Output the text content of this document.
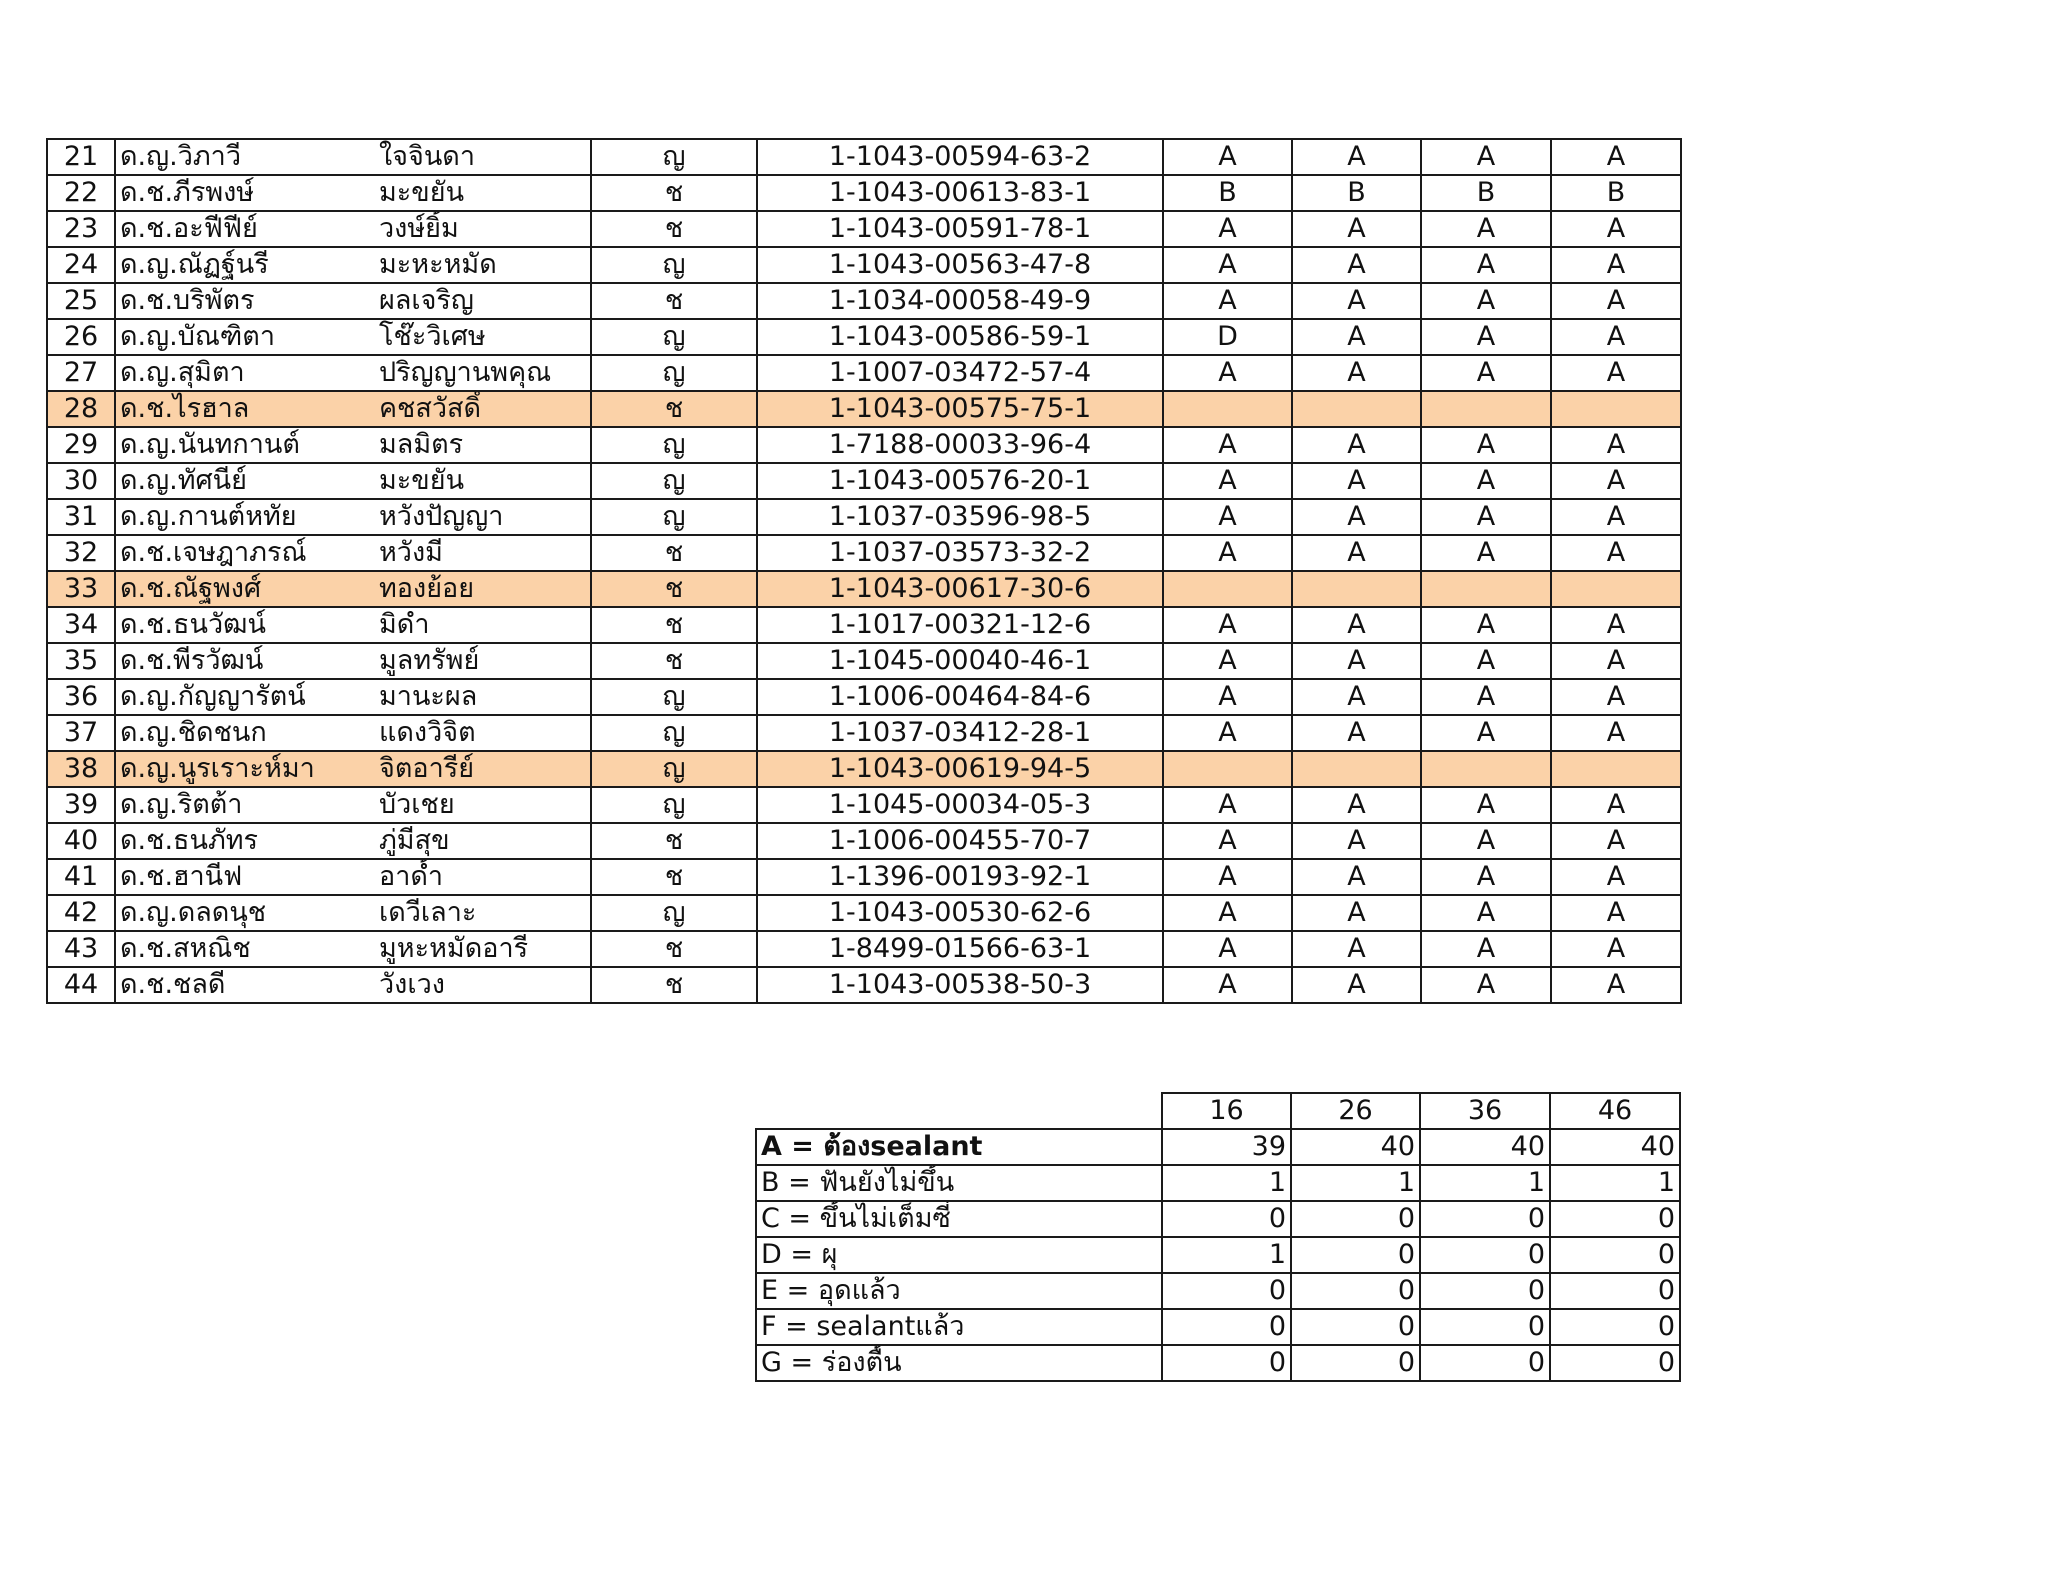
21	ด.ญ.วิภาวี	ใจจินดา	ญ	1-1043-00594-63-2	A	A	A	A
22	ด.ช.ภีรพงษ์	มะขยัน	ช	1-1043-00613-83-1	B	B	B	B
23	ด.ช.อะฟีฟีย์	วงษ์ยิ้ม	ช	1-1043-00591-78-1	A	A	A	A
24	ด.ญ.ณัฏฐ์นรี	มะหะหมัด	ญ	1-1043-00563-47-8	A	A	A	A
25	ด.ช.บริพัตร	ผลเจริญ	ช	1-1034-00058-49-9	A	A	A	A
26	ด.ญ.บัณฑิตา	โช๊ะวิเศษ	ญ	1-1043-00586-59-1	D	A	A	A
27	ด.ญ.สุมิตา	ปริญญานพคุณ	ญ	1-1007-03472-57-4	A	A	A	A
28	ด.ช.ไรฮาล	คชสวัสดิ์	ช	1-1043-00575-75-1				
29	ด.ญ.นันทกานต์	มลมิตร	ญ	1-7188-00033-96-4	A	A	A	A
30	ด.ญ.ทัศนีย์	มะขยัน	ญ	1-1043-00576-20-1	A	A	A	A
31	ด.ญ.กานต์หทัย	หวังปัญญา	ญ	1-1037-03596-98-5	A	A	A	A
32	ด.ช.เจษฎาภรณ์	หวังมี	ช	1-1037-03573-32-2	A	A	A	A
33	ด.ช.ณัฐพงศ์	ทองย้อย	ช	1-1043-00617-30-6				
34	ด.ช.ธนวัฒน์	มิดำ	ช	1-1017-00321-12-6	A	A	A	A
35	ด.ช.พีรวัฒน์	มูลทรัพย์	ช	1-1045-00040-46-1	A	A	A	A
36	ด.ญ.กัญญารัตน์	มานะผล	ญ	1-1006-00464-84-6	A	A	A	A
37	ด.ญ.ชิดชนก	แดงวิจิต	ญ	1-1037-03412-28-1	A	A	A	A
38	ด.ญ.นูรเราะห์มา	จิตอารีย์	ญ	1-1043-00619-94-5				
39	ด.ญ.ริตต้า	บัวเชย	ญ	1-1045-00034-05-3	A	A	A	A
40	ด.ช.ธนภัทร	ภู่มีสุข	ช	1-1006-00455-70-7	A	A	A	A
41	ด.ช.ฮานีฟ	อาด้ำ	ช	1-1396-00193-92-1	A	A	A	A
42	ด.ญ.ดลดนุช	เดวีเลาะ	ญ	1-1043-00530-62-6	A	A	A	A
43	ด.ช.สหณิช	มูหะหมัดอารี	ช	1-8499-01566-63-1	A	A	A	A
44	ด.ช.ชลดี	วังเวง	ช	1-1043-00538-50-3	A	A	A	A
	16	26	36	46
A = ต้องsealant	39	40	40	40
B = ฟันยังไม่ขึ้น	1	1	1	1
C = ขึ้นไม่เต็มซี่	0	0	0	0
D = ผุ	1	0	0	0
E = อุดแล้ว	0	0	0	0
F = sealantแล้ว	0	0	0	0
G = ร่องตื้น	0	0	0	0
